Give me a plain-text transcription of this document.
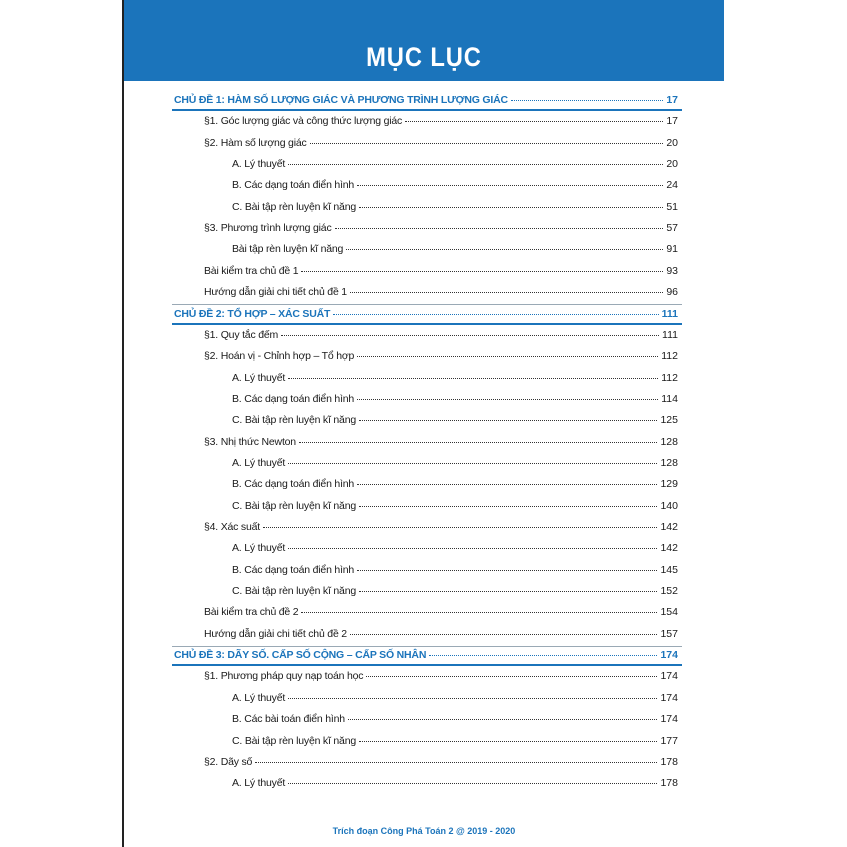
MỤC LỤC
CHỦ ĐỀ 1: HÀM SỐ LƯỢNG GIÁC VÀ PHƯƠNG TRÌNH LƯỢNG GIÁC	17
§1. Góc lượng giác và công thức lượng giác	17
§2. Hàm số lượng giác	20
A. Lý thuyết	20
B. Các dạng toán điển hình	24
C. Bài tập rèn luyện kĩ năng	51
§3. Phương trình lượng giác	57
Bài tập rèn luyện kĩ năng	91
Bài kiểm tra chủ đề 1	93
Hướng dẫn giải chi tiết chủ đề 1	96
CHỦ ĐỀ 2: TỔ HỢP – XÁC SUẤT	111
§1. Quy tắc đếm	111
§2. Hoán vị - Chỉnh hợp – Tổ hợp	112
A. Lý thuyết	112
B. Các dạng toán điển hình	114
C. Bài tập rèn luyện kĩ năng	125
§3. Nhị thức Newton	128
A. Lý thuyết	128
B. Các dạng toán điển hình	129
C. Bài tập rèn luyện kĩ năng	140
§4. Xác suất	142
A. Lý thuyết	142
B. Các dạng toán điển hình	145
C. Bài tập rèn luyện kĩ năng	152
Bài kiểm tra chủ đề 2	154
Hướng dẫn giải chi tiết chủ đề 2	157
CHỦ ĐỀ 3: DÃY SỐ. CẤP SỐ CỘNG – CẤP SỐ NHÂN	174
§1. Phương pháp quy nạp toán học	174
A. Lý thuyết	174
B. Các bài toán điển hình	174
C. Bài tập rèn luyện kĩ năng	177
§2. Dãy số	178
A. Lý thuyết	178
Trích đoạn Công Phá Toán 2 @ 2019 - 2020
